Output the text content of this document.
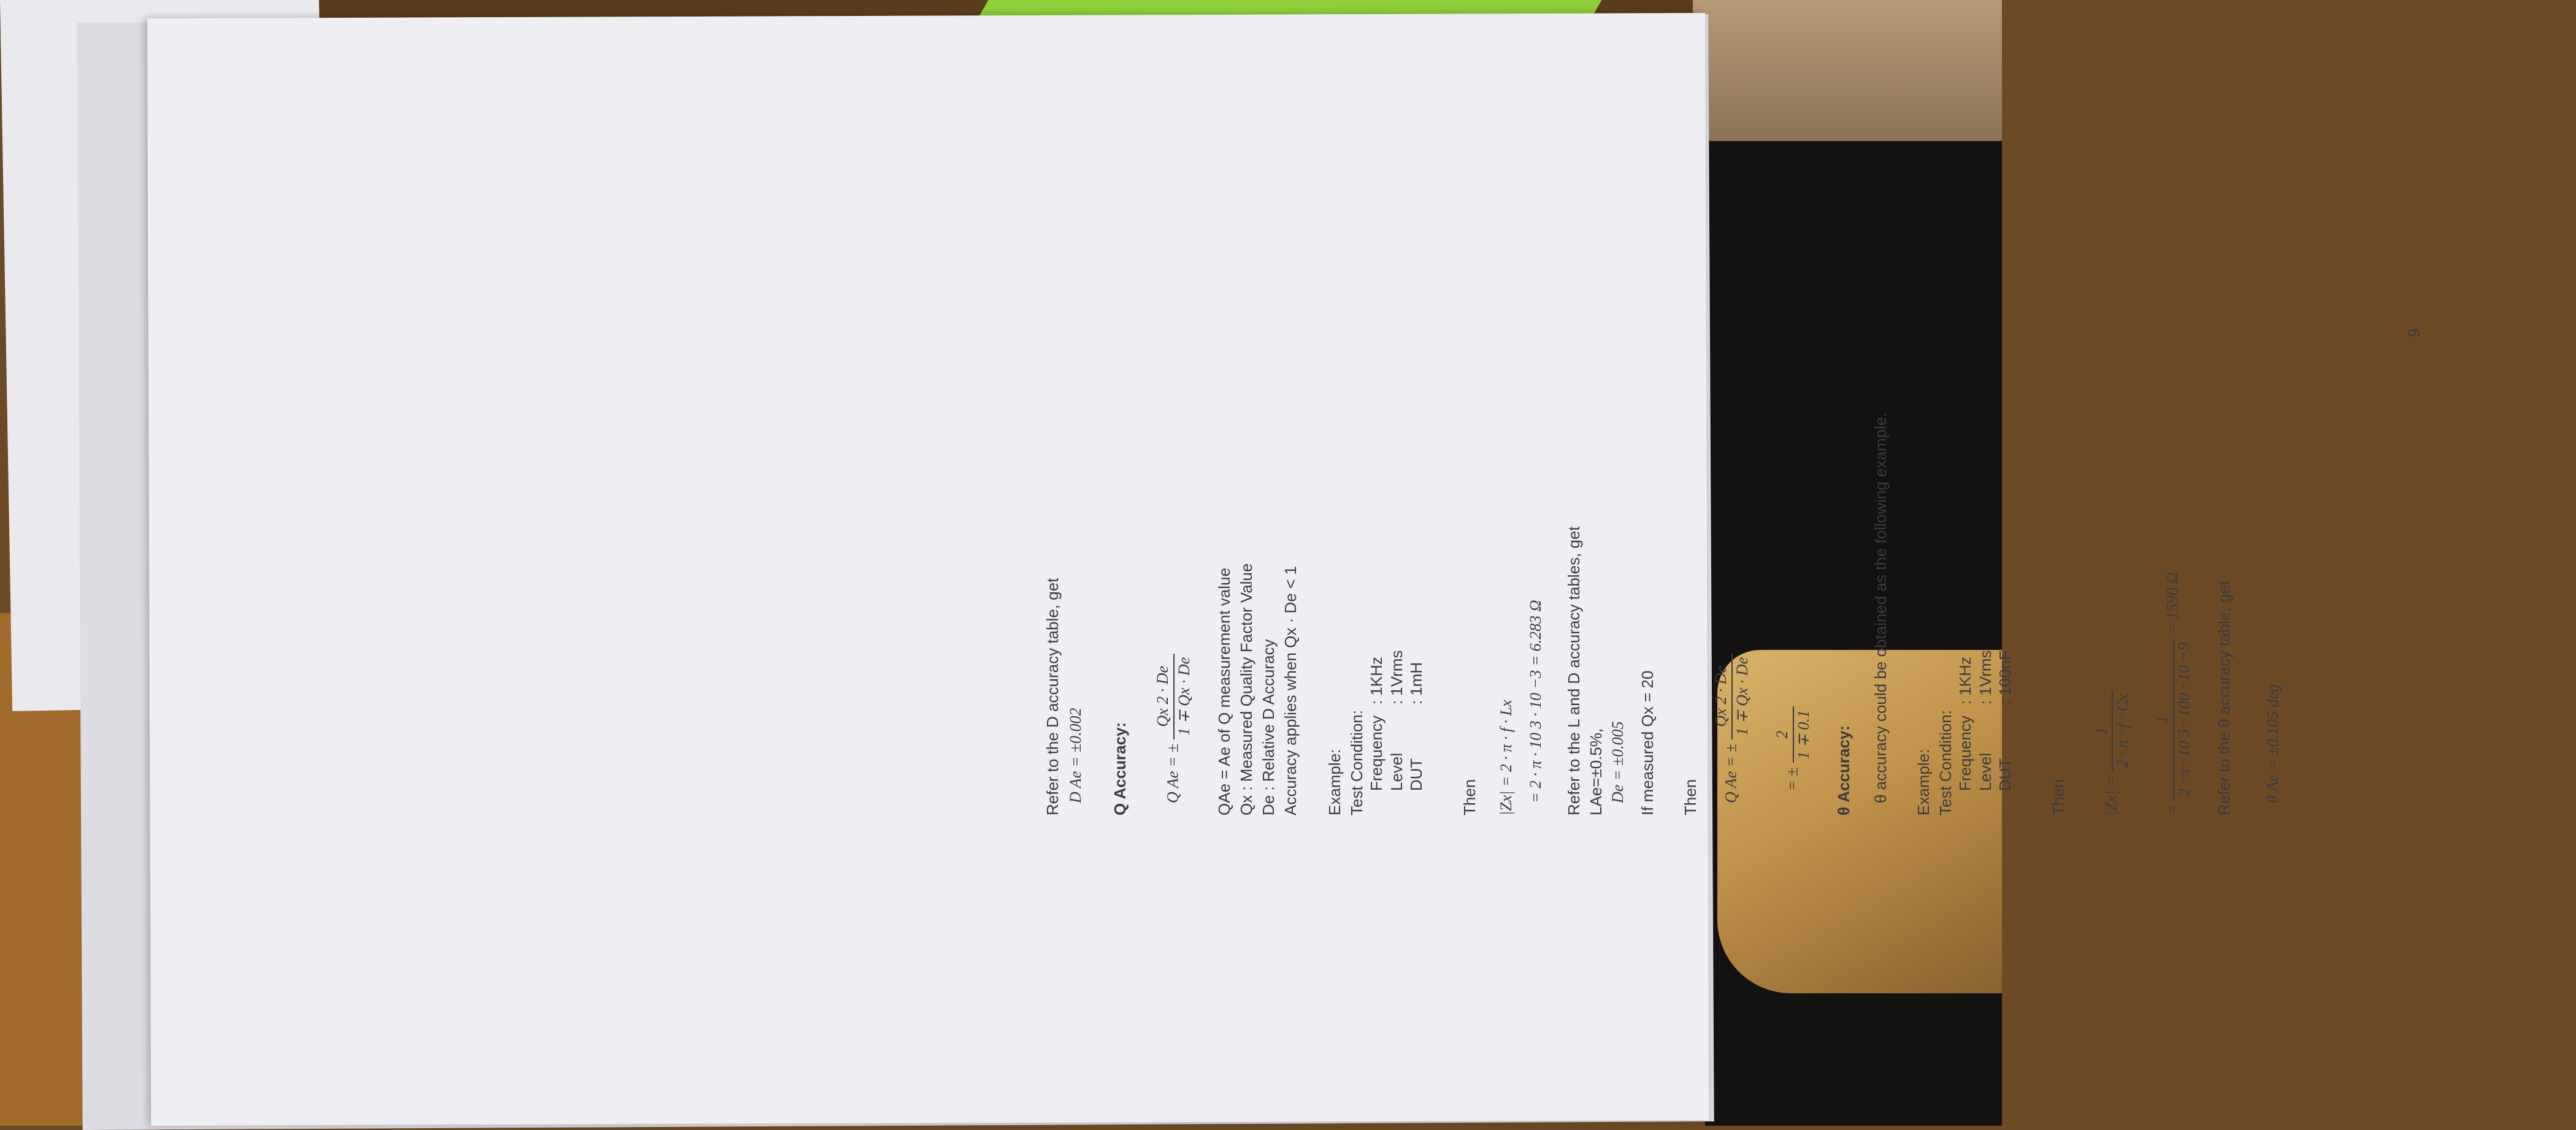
Refer to the D accuracy table, get D Ae = ±0.002 Q Accuracy:	Q Ae = ±
Qx 2 · De 1 ∓ Qx · De QAe = Ae of Q measurement value Qx : Measured Quality Factor Value De : Relative D Accuracy Accuracy applies when Qx · De < 1 Example: Test Condition: Frequency	: 1KHz
Level	: 1Vrms
DUT	: 1mH
Then |Zx| = 2 · π · f · Lx = 2 · π · 10 3 · 10 −3 = 6.283 Ω Refer to the L and D accuracy tables, get LAe=±0.5%, De = ±0.005 If measured Qx = 20 Then	Q Ae = ±
Qx 2 · De 1 ∓ Qx · De
= ±
2 1 ∓ 0.1 θ Accuracy: θ accuracy could be obtained as the following example. Example: Test Condition: Frequency	: 1KHz
Level	: 1Vrms
DUT	: 100nF
Then	|Zx| =
1 2 · π · f · Cx
=
1 2 · π · 10 3 · 100 · 10 −9
= 1590 Ω	Refer to the θ accuracy table, get θ Ae = ±0.105 deg
9
